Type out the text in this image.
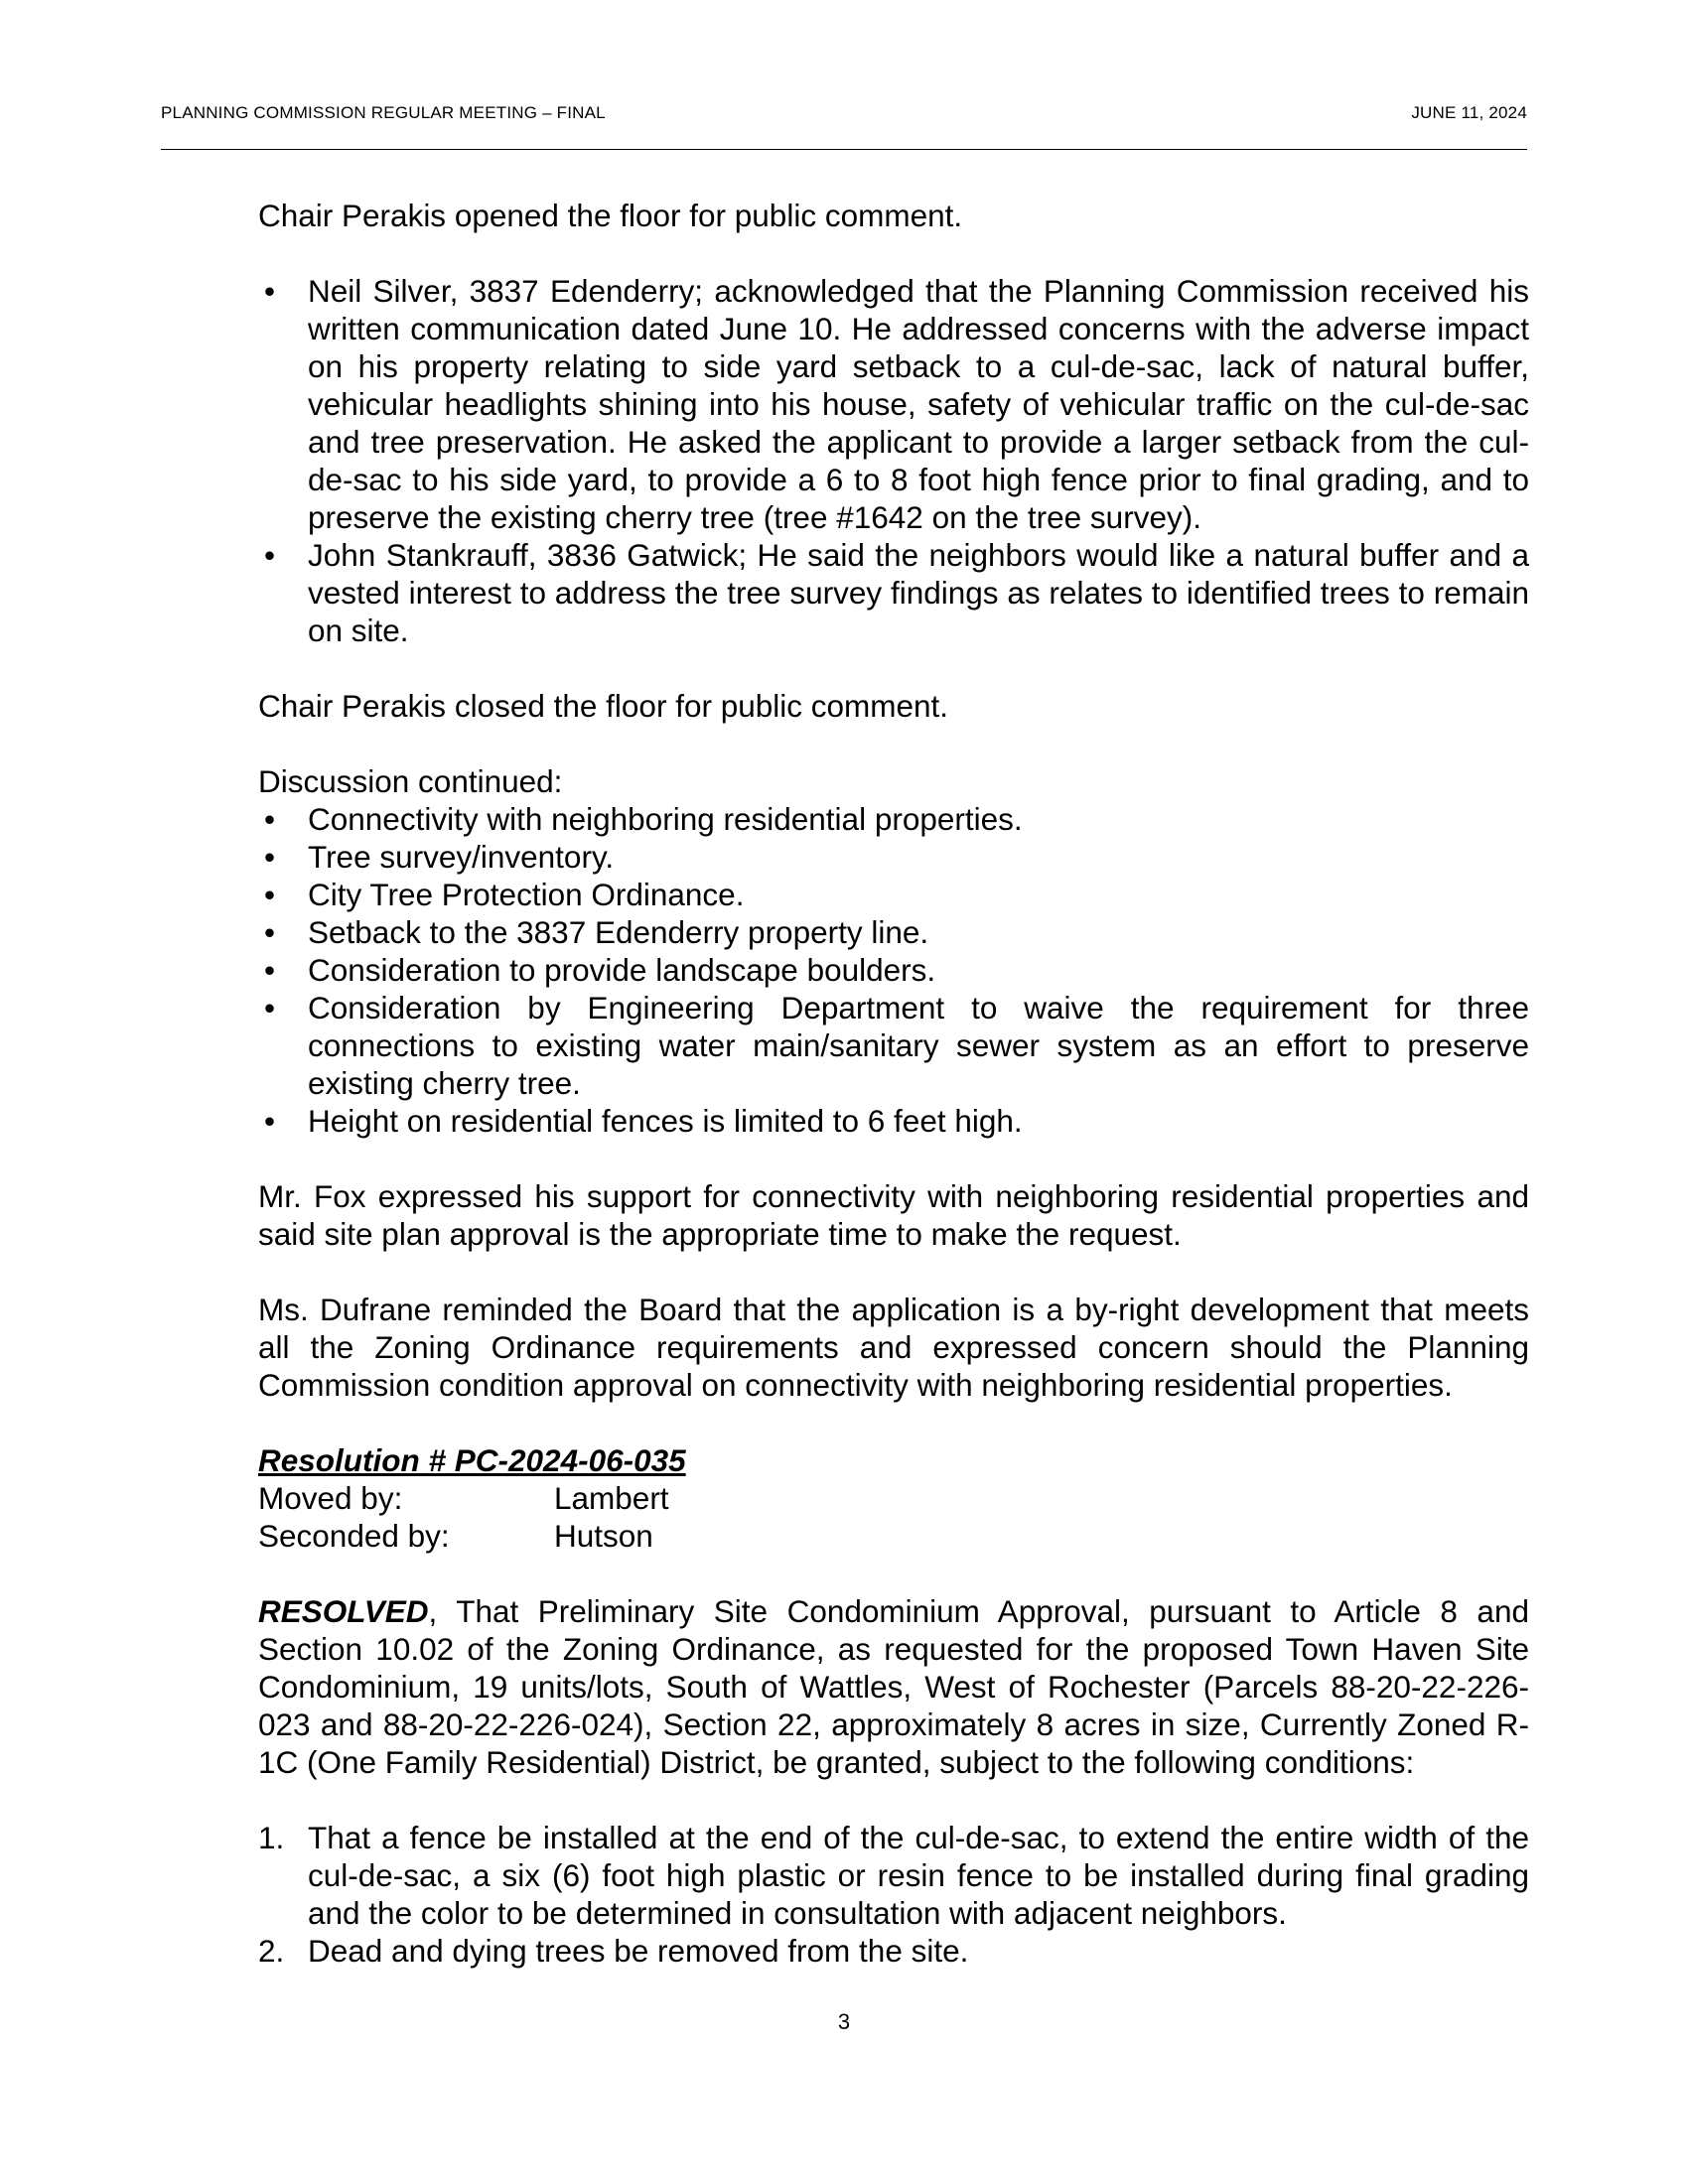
PLANNING COMMISSION REGULAR MEETING – FINAL	JUNE 11, 2024

Chair Perakis opened the floor for public comment.

• Neil Silver, 3837 Edenderry; acknowledged that the Planning Commission received his written communication dated June 10. He addressed concerns with the adverse impact on his property relating to side yard setback to a cul-de-sac, lack of natural buffer, vehicular headlights shining into his house, safety of vehicular traffic on the cul-de-sac and tree preservation. He asked the applicant to provide a larger setback from the cul-de-sac to his side yard, to provide a 6 to 8 foot high fence prior to final grading, and to preserve the existing cherry tree (tree #1642 on the tree survey).
• John Stankrauff, 3836 Gatwick; He said the neighbors would like a natural buffer and a vested interest to address the tree survey findings as relates to identified trees to remain on site.

Chair Perakis closed the floor for public comment.

Discussion continued:

• Connectivity with neighboring residential properties.
• Tree survey/inventory.
• City Tree Protection Ordinance.
• Setback to the 3837 Edenderry property line.
• Consideration to provide landscape boulders.
• Consideration by Engineering Department to waive the requirement for three connections to existing water main/sanitary sewer system as an effort to preserve existing cherry tree.
• Height on residential fences is limited to 6 feet high.

Mr. Fox expressed his support for connectivity with neighboring residential properties and said site plan approval is the appropriate time to make the request.

Ms. Dufrane reminded the Board that the application is a by-right development that meets all the Zoning Ordinance requirements and expressed concern should the Planning Commission condition approval on connectivity with neighboring residential properties.

Resolution # PC-2024-06-035
Moved by:	Lambert
Seconded by:	Hutson

RESOLVED, That Preliminary Site Condominium Approval, pursuant to Article 8 and Section 10.02 of the Zoning Ordinance, as requested for the proposed Town Haven Site Condominium, 19 units/lots, South of Wattles, West of Rochester (Parcels 88-20-22-226-023 and 88-20-22-226-024), Section 22, approximately 8 acres in size, Currently Zoned R-1C (One Family Residential) District, be granted, subject to the following conditions:

1. That a fence be installed at the end of the cul-de-sac, to extend the entire width of the cul-de-sac, a six (6) foot high plastic or resin fence to be installed during final grading and the color to be determined in consultation with adjacent neighbors.
2. Dead and dying trees be removed from the site.
3
